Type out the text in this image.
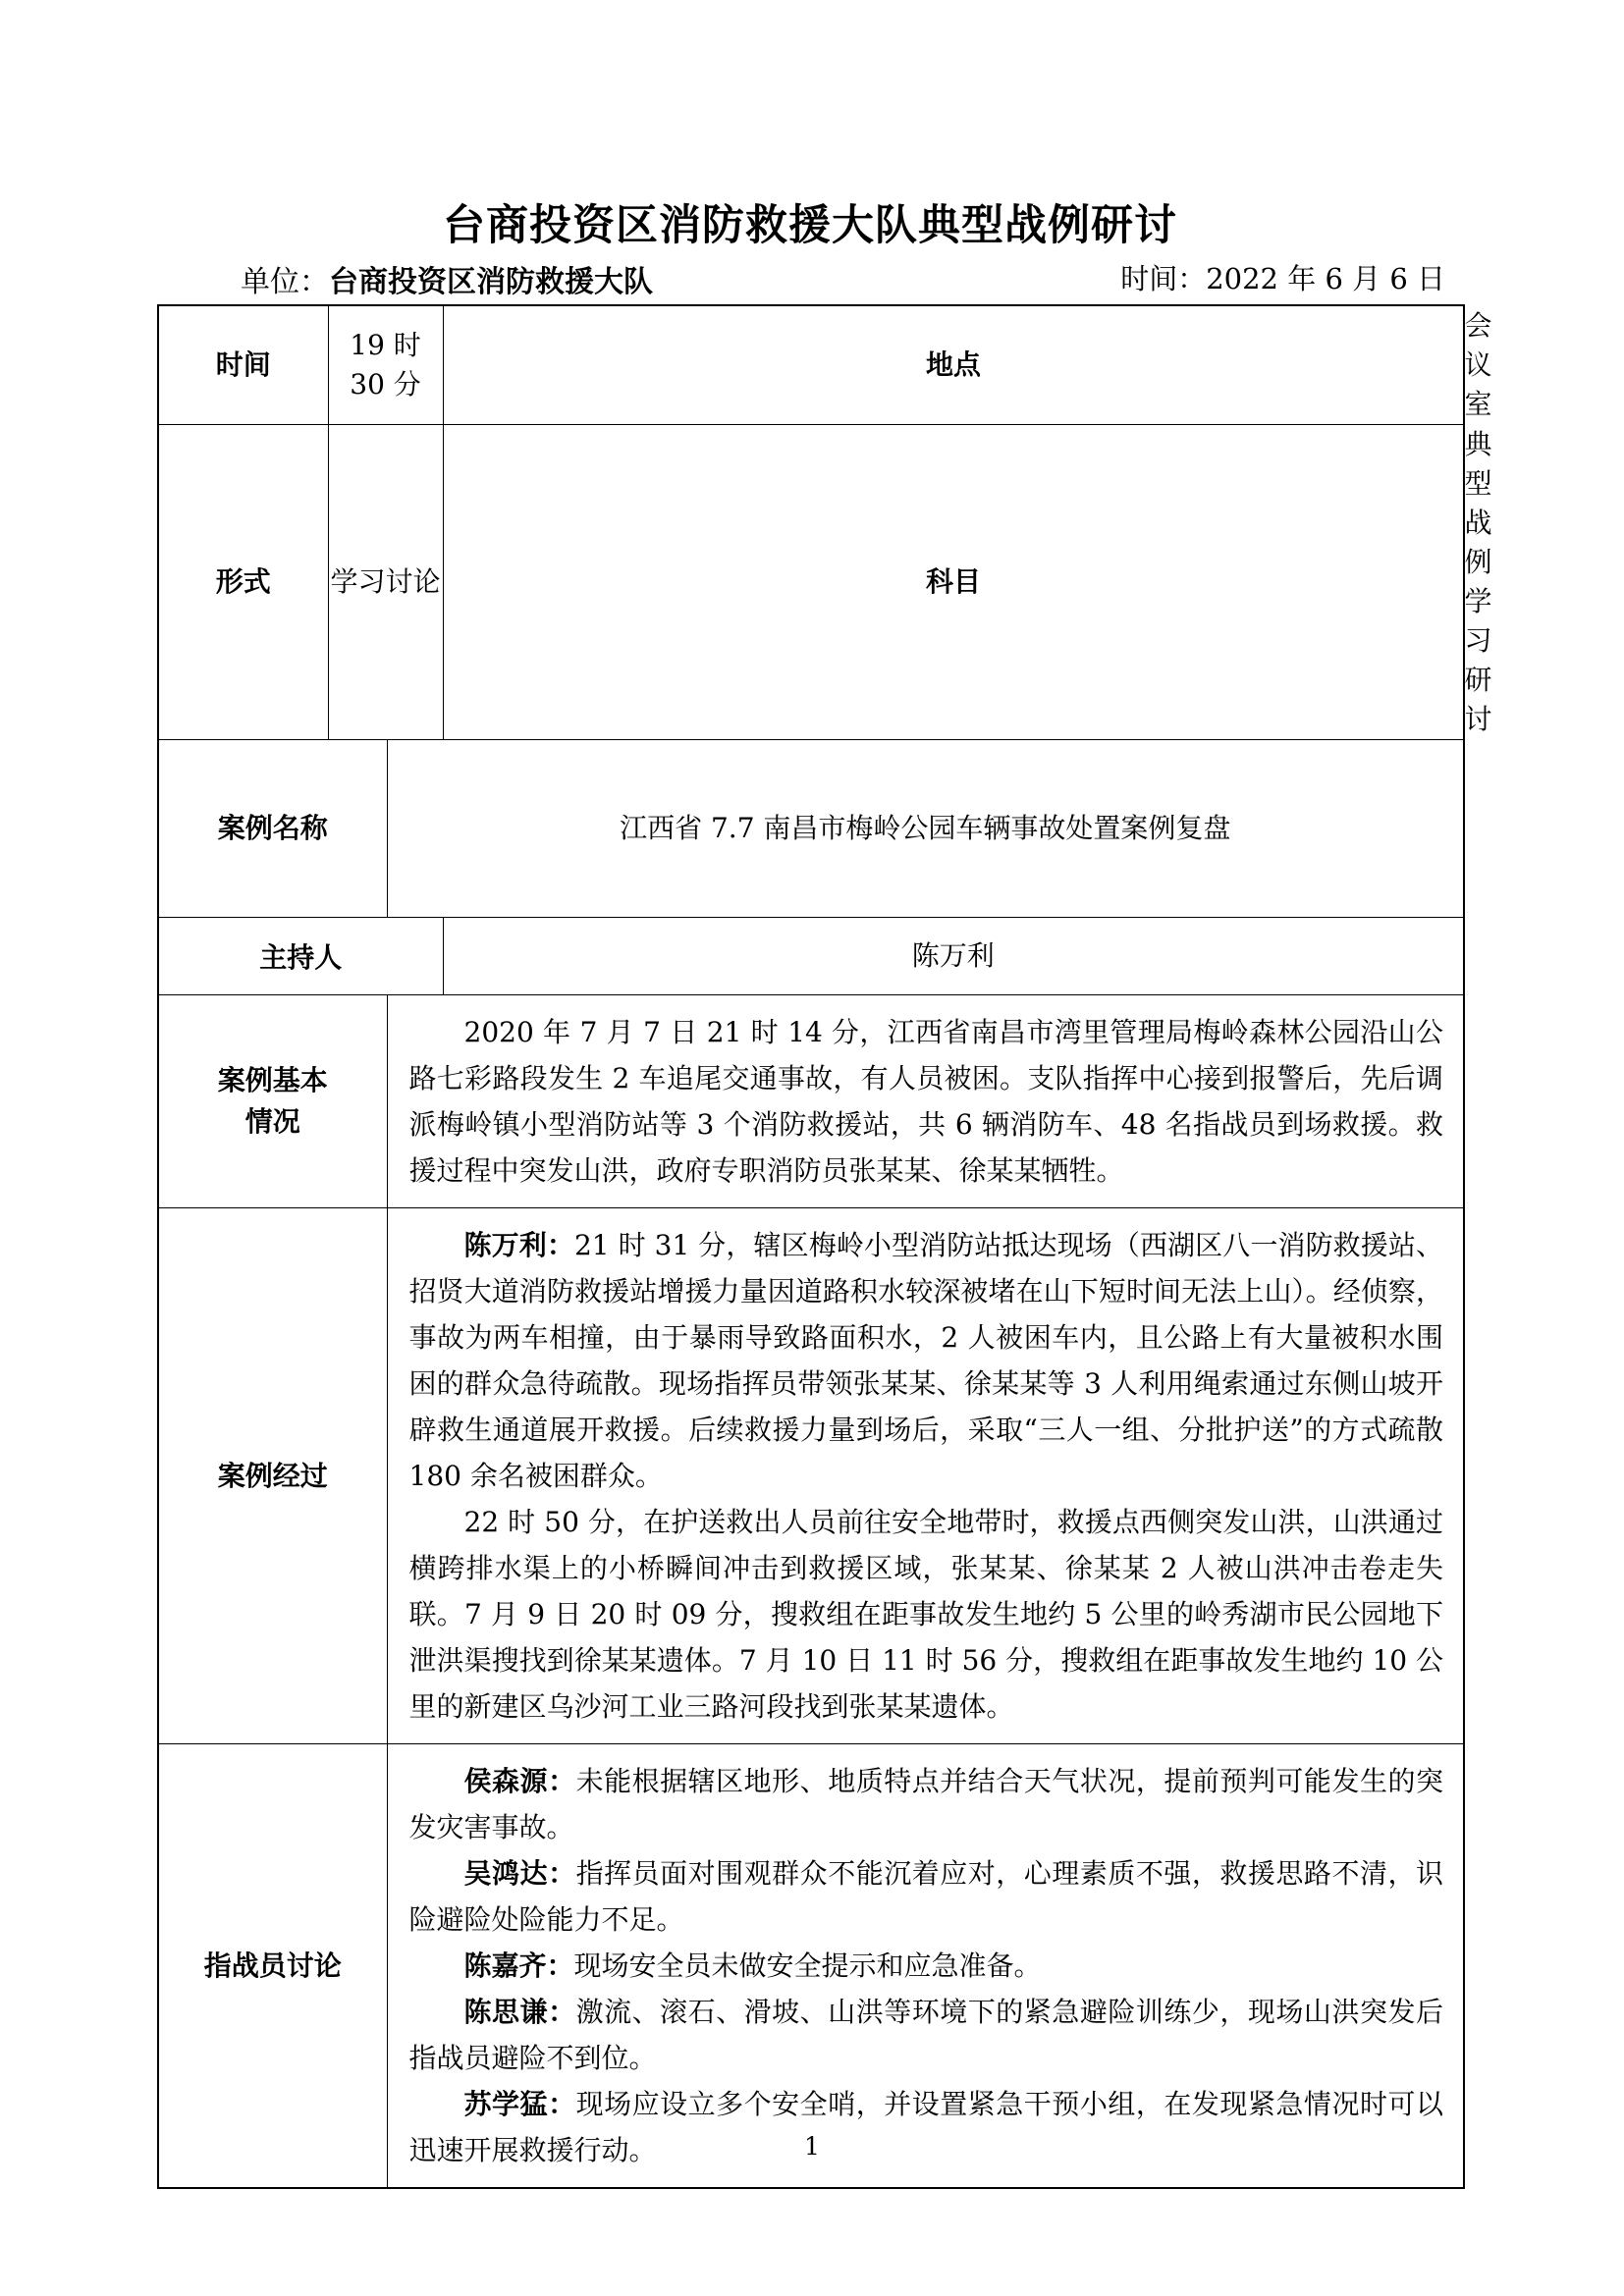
台商投资区消防救援大队典型战例研讨
单位：台商投资区消防救援大队	时间：2022 年 6 月 6 日
时间	19 时 30 分		地点	会议室
形式	学习讨论		科目	典型战例学习研讨
案例名称		江西省 7.7 南昌市梅岭公园车辆事故处置案例复盘		
主持人			陈万利	

案例基本
情况		2020 年 7 月 7 日 21 时 14 分，江西省南昌市湾里管理局梅岭森林公园沿山公路七彩路段发生 2 车追尾交通事故，有人员被困。支队指挥中心接到报警后，先后调派梅岭镇小型消防站等 3 个消防救援站，共 6 辆消防车、48 名指战员到场救援。救援过程中突发山洪，政府专职消防员张某某、徐某某牺牲。		

案例经过		陈万利：21 时 31 分，辖区梅岭小型消防站抵达现场（西湖区八一消防救援站、招贤大道消防救援站增援力量因道路积水较深被堵在山下短时间无法上山）。经侦察，事故为两车相撞，由于暴雨导致路面积水，2 人被困车内，且公路上有大量被积水围困的群众急待疏散。现场指挥员带领张某某、徐某某等 3 人利用绳索通过东侧山坡开辟救生通道展开救援。后续救援力量到场后，采取“三人一组、分批护送”的方式疏散 180 余名被困群众。

22 时 50 分，在护送救出人员前往安全地带时，救援点西侧突发山洪，山洪通过横跨排水渠上的小桥瞬间冲击到救援区域，张某某、徐某某 2 人被山洪冲击卷走失联。7 月 9 日 20 时 09 分，搜救组在距事故发生地约 5 公里的岭秀湖市民公园地下泄洪渠搜找到徐某某遗体。7 月 10 日 11 时 56 分，搜救组在距事故发生地约 10 公里的新建区乌沙河工业三路河段找到张某某遗体。		

指战员讨论		侯森源：未能根据辖区地形、地质特点并结合天气状况，提前预判可能发生的突发灾害事故。

吴鸿达：指挥员面对围观群众不能沉着应对，心理素质不强，救援思路不清，识险避险处险能力不足。

陈嘉齐：现场安全员未做安全提示和应急准备。

陈思谦：激流、滚石、滑坡、山洪等环境下的紧急避险训练少，现场山洪突发后指战员避险不到位。

苏学猛：现场应设立多个安全哨，并设置紧急干预小组，在发现紧急情况时可以迅速开展救援行动。			1
